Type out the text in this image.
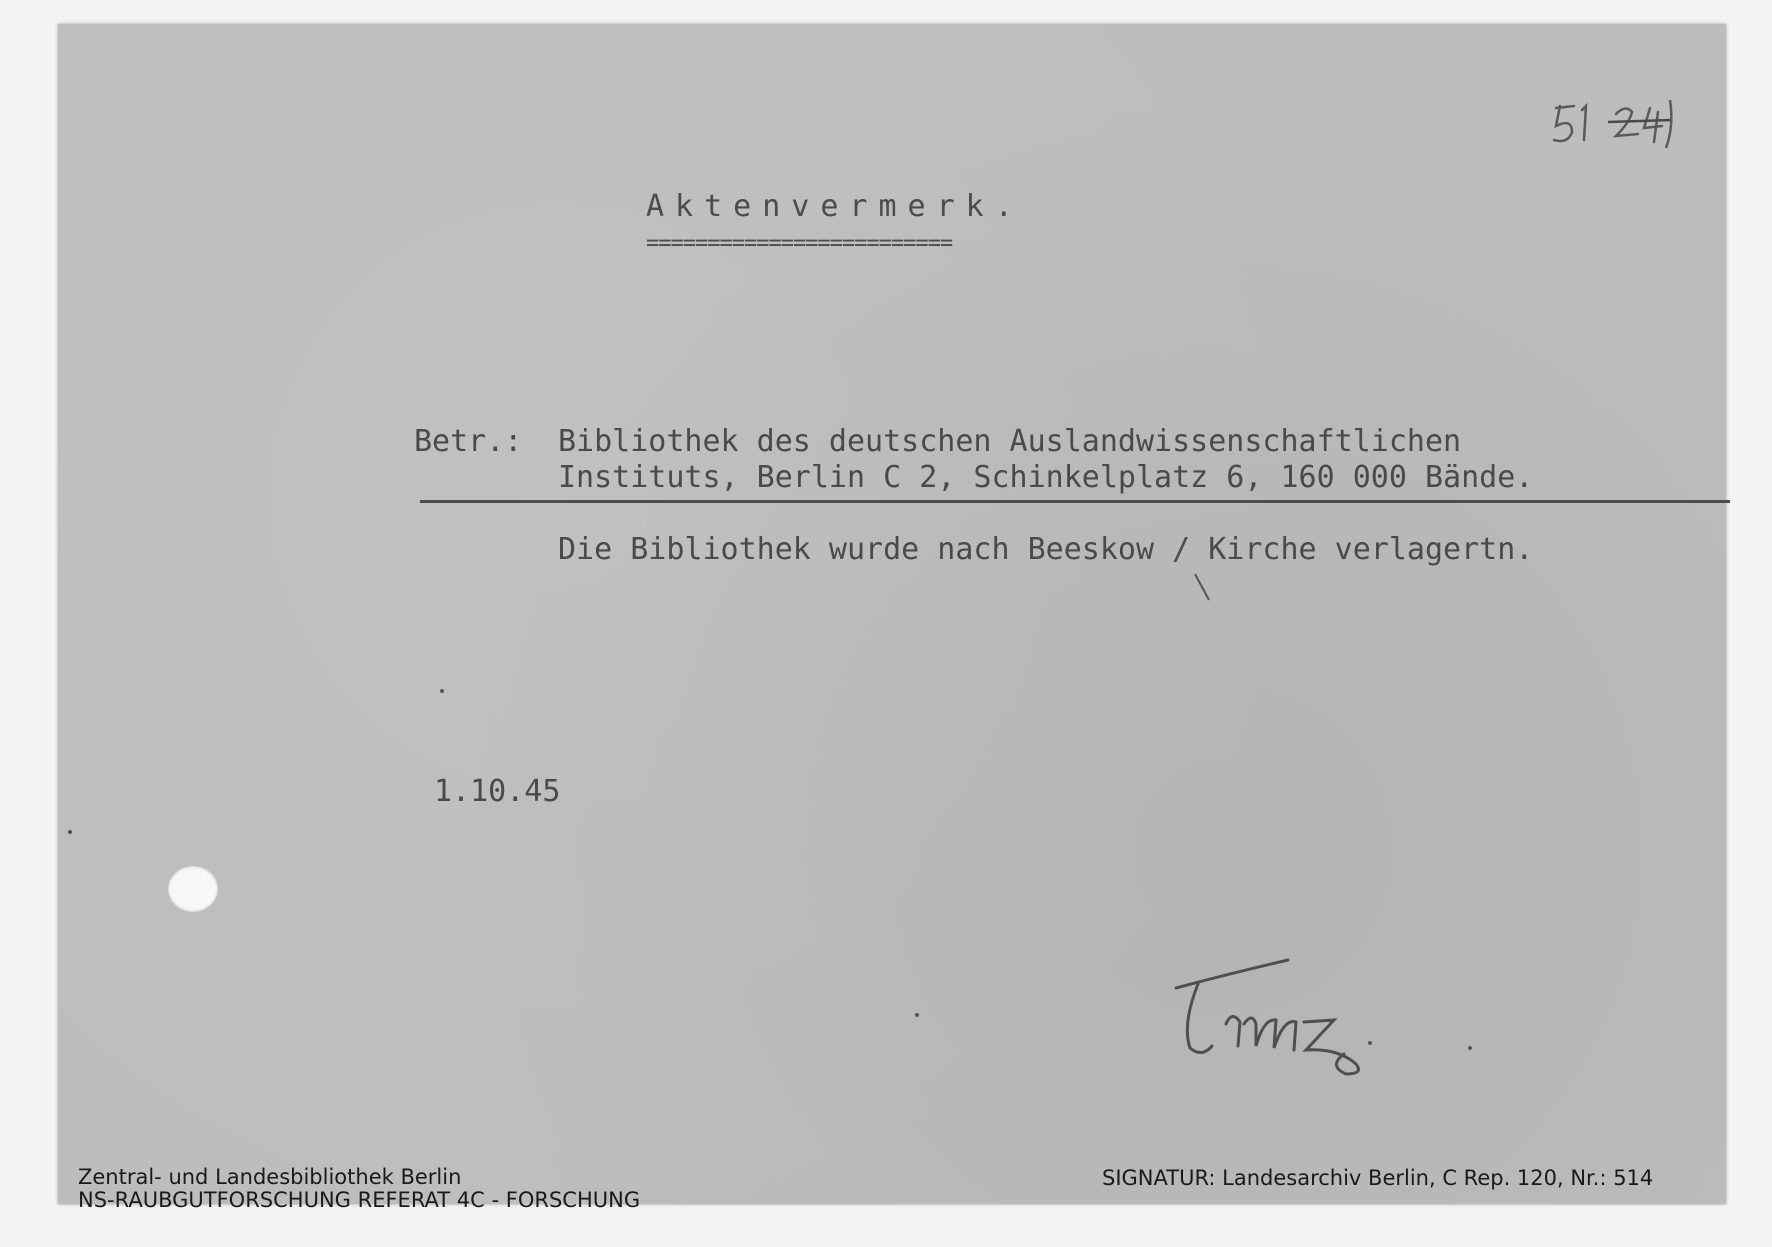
Aktenvermerk.

=========================

Betr.: Bibliothek des deutschen Auslandwissenschaftlichen

Instituts, Berlin C 2, Schinkelplatz 6, 160 000 Bände.

Die Bibliothek wurde nach Beeskow / Kirche verlagertn.

1.10.45

Zentral- und Landesbibliothek Berlin

NS-RAUBGUTFORSCHUNG REFERAT 4C - FORSCHUNG

SIGNATUR: Landesarchiv Berlin, C Rep. 120, Nr.: 514
